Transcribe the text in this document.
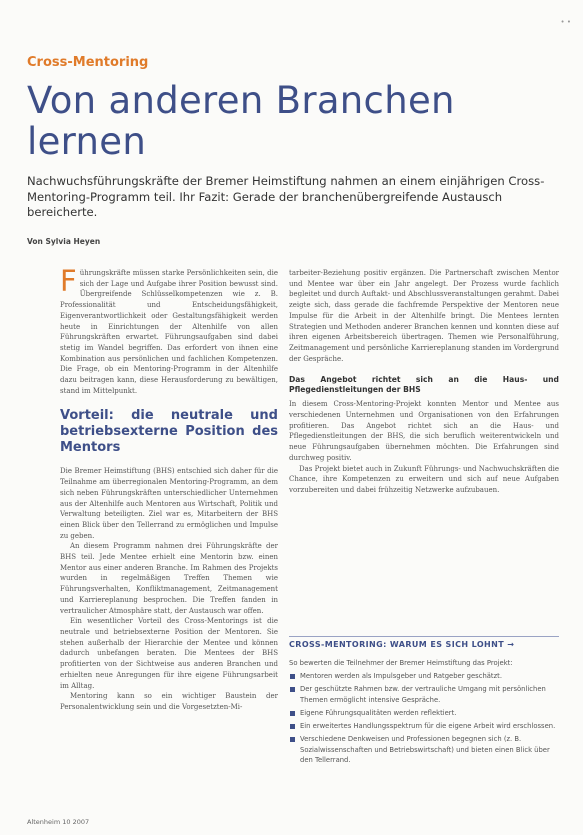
• •
Cross-Mentoring
Von anderen Branchen lernen
Nachwuchsführungskräfte der Bremer Heimstiftung nahmen an einem einjährigen Cross-Mentoring-Programm teil. Ihr Fazit: Gerade der branchenübergreifende Austausch bereicherte.
Von Sylvia Heyen

Führungskräfte müssen starke Persönlichkeiten sein, die sich der Lage und Aufgabe ihrer Position bewusst sind. Übergreifende Schlüsselkompetenzen wie z. B. Professionalität und Entscheidungsfähigkeit, Eigenverantwortlichkeit oder Gestaltungsfähigkeit werden heute in Einrichtungen der Altenhilfe von allen Führungskräften erwartet. Führungsaufgaben sind dabei stetig im Wandel begriffen. Das erfordert von ihnen eine Kombination aus persönlichen und fachlichen Kompetenzen. Die Frage, ob ein Mentoring-Programm in der Altenhilfe dazu beitragen kann, diese Herausforderung zu bewältigen, stand im Mittelpunkt.

Vorteil: die neutrale und betriebsexterne Position des Mentors

Die Bremer Heimstiftung (BHS) entschied sich daher für die Teilnahme am überregionalen Mentoring-Programm, an dem sich neben Führungskräften unterschiedlicher Unternehmen aus der Altenhilfe auch Mentoren aus Wirtschaft, Politik und Verwaltung beteiligten. Ziel war es, Mitarbeitern der BHS einen Blick über den Tellerrand zu ermöglichen und Impulse zu geben.

An diesem Programm nahmen drei Führungskräfte der BHS teil. Jede Mentee erhielt eine Mentorin bzw. einen Mentor aus einer anderen Branche. Im Rahmen des Projekts wurden in regelmäßigen Treffen Themen wie Führungsverhalten, Konfliktmanagement, Zeitmanagement und Karriereplanung besprochen. Die Treffen fanden in vertraulicher Atmosphäre statt, der Austausch war offen.

Ein wesentlicher Vorteil des Cross-Mentorings ist die neutrale und betriebsexterne Position der Mentoren. Sie stehen außerhalb der Hierarchie der Mentee und können dadurch unbefangen beraten. Die Mentees der BHS profitierten von der Sichtweise aus anderen Branchen und erhielten neue Anregungen für ihre eigene Führungsarbeit im Alltag.

Mentoring kann so ein wichtiger Baustein der Personalentwicklung sein und die Vorgesetzten-Mi-

tarbeiter-Beziehung positiv ergänzen. Die Partnerschaft zwischen Mentor und Mentee war über ein Jahr angelegt. Der Prozess wurde fachlich begleitet und durch Auftakt- und Abschlussveranstaltungen gerahmt. Dabei zeigte sich, dass gerade die fachfremde Perspektive der Mentoren neue Impulse für die Arbeit in der Altenhilfe bringt. Die Mentees lernten Strategien und Methoden anderer Branchen kennen und konnten diese auf ihren eigenen Arbeitsbereich übertragen. Themen wie Personalführung, Zeitmanagement und persönliche Karriereplanung standen im Vordergrund der Gespräche.

Das Angebot richtet sich an die Haus- und Pflegedienstleitungen der BHS

In diesem Cross-Mentoring-Projekt konnten Mentor und Mentee aus verschiedenen Unternehmen und Organisationen von den Erfahrungen profitieren. Das Angebot richtet sich an die Haus- und Pflegedienstleitungen der BHS, die sich beruflich weiterentwickeln und neue Führungsaufgaben übernehmen möchten. Die Erfahrungen sind durchweg positiv.

Das Projekt bietet auch in Zukunft Führungs- und Nachwuchskräften die Chance, ihre Kompetenzen zu erweitern und sich auf neue Aufgaben vorzubereiten und dabei frühzeitig Netzwerke aufzubauen.

CROSS-MENTORING: WARUM ES SICH LOHNT →
So bewerten die Teilnehmer der Bremer Heimstiftung das Projekt:
Mentoren werden als Impulsgeber und Ratgeber geschätzt.
Der geschützte Rahmen bzw. der vertrauliche Umgang mit persönlichen Themen ermöglicht intensive Gespräche.
Eigene Führungsqualitäten werden reflektiert.
Ein erweitertes Handlungsspektrum für die eigene Arbeit wird erschlossen.
Verschiedene Denkweisen und Professionen begegnen sich (z. B. Sozialwissenschaften und Betriebswirtschaft) und bieten einen Blick über den Tellerrand.
Altenheim 10 2007
